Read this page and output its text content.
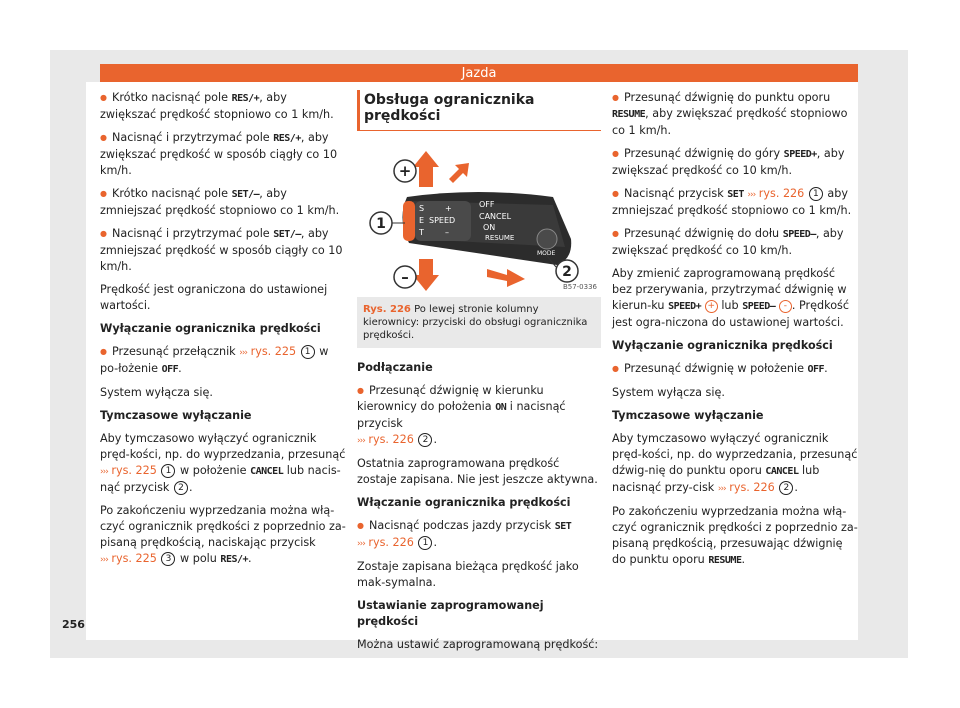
Jazda

● Krótko nacisnąć pole RES/+, aby zwiększać prędkość stopniowo co 1 km/h.

● Nacisnąć i przytrzymać pole RES/+, aby zwiększać prędkość w sposób ciągły co 10 km/h.

● Krótko nacisnąć pole SET/–, aby zmniejszać prędkość stopniowo co 1 km/h.

● Nacisnąć i przytrzymać pole SET/–, aby zmniejszać prędkość w sposób ciągły co 10 km/h.

Prędkość jest ograniczona do ustawionej wartości.

Wyłączanie ogranicznika prędkości

● Przesunąć przełącznik ››› rys. 225 1 w po-łożenie OFF.

System wyłącza się.

Tymczasowe wyłączanie

Aby tymczasowo wyłączyć ogranicznik pręd-kości, np. do wyprzedzania, przesunąć
››› rys. 225 1 w położenie CANCEL lub nacis-nąć przycisk 2 .

Po zakończeniu wyprzedzania można włą-czyć ogranicznik prędkości z poprzednio za-pisaną prędkością, naciskając przycisk
››› rys. 225 3 w polu RES/+.

Obsługa ogranicznika prędkości
1
2
+
–
S
E
T
SPEED
+
–
OFF
CANCEL
ON
RESUME
MODE
B57-0336
Rys. 226 Po lewej stronie kolumny kierownicy: przyciski do obsługi ogranicznika prędkości.

Podłączanie

● Przesunąć dźwignię w kierunku kierownicy do położenia ON i nacisnąć przycisk
››› rys. 226 2 .

Ostatnia zaprogramowana prędkość zostaje zapisana. Nie jest jeszcze aktywna.

Włączanie ogranicznika prędkości

● Nacisnąć podczas jazdy przycisk SET
››› rys. 226 1 .

Zostaje zapisana bieżąca prędkość jako mak-symalna.

Ustawianie zaprogramowanej prędkości

Można ustawić zaprogramowaną prędkość:

● Przesunąć dźwignię do punktu oporu RESUME, aby zwiększać prędkość stopniowo co 1 km/h.

● Przesunąć dźwignię do góry SPEED+, aby zwiększać prędkość co 10 km/h.

● Nacisnąć przycisk SET ››› rys. 226 1 aby zmniejszać prędkość stopniowo co 1 km/h.

● Przesunąć dźwignię do dołu SPEED–, aby zwiększać prędkość co 10 km/h.

Aby zmienić zaprogramowaną prędkość bez przerywania, przytrzymać dźwignię w kierun-ku SPEED+ + lub SPEED– - . Prędkość jest ogra-niczona do ustawionej wartości.

Wyłączanie ogranicznika prędkości

● Przesunąć dźwignię w położenie OFF.

System wyłącza się.

Tymczasowe wyłączanie

Aby tymczasowo wyłączyć ogranicznik pręd-kości, np. do wyprzedzania, przesunąć dźwig-nię do punktu oporu CANCEL lub nacisnąć przy-cisk ››› rys. 226 2 .

Po zakończeniu wyprzedzania można włą-czyć ogranicznik prędkości z poprzednio za-pisaną prędkością, przesuwając dźwignię do punktu oporu RESUME.

256
